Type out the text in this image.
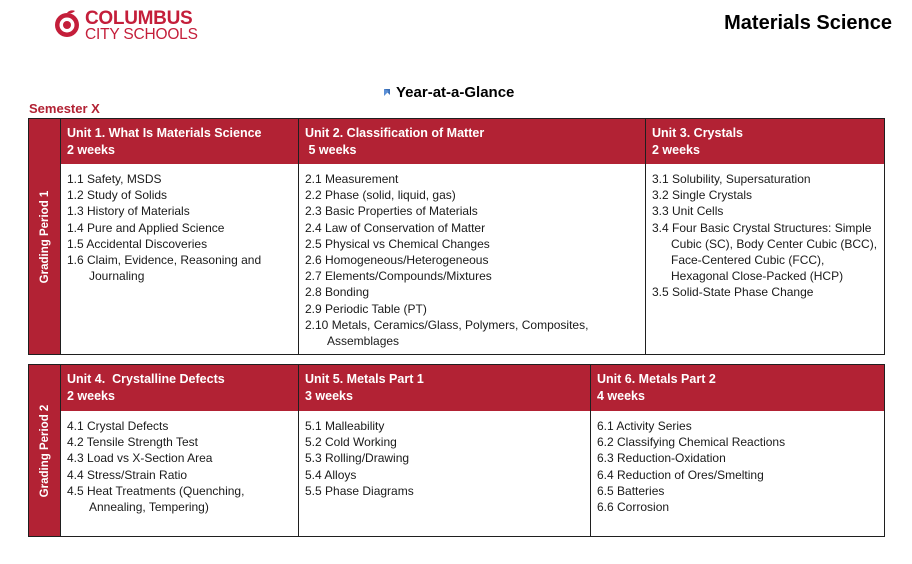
COLUMBUS
CITY SCHOOLS
Materials Science
Year-at-a-Glance
Semester X
Grading Period 1
Unit 1. What Is Materials Science
2 weeks
1.1 Safety, MSDS
1.2 Study of Solids
1.3 History of Materials
1.4 Pure and Applied Science
1.5 Accidental Discoveries
1.6 Claim, Evidence, Reasoning and Journaling
Unit 2. Classification of Matter
5 weeks
2.1 Measurement
2.2 Phase (solid, liquid, gas)
2.3 Basic Properties of Materials
2.4 Law of Conservation of Matter
2.5 Physical vs Chemical Changes
2.6 Homogeneous/Heterogeneous
2.7 Elements/Compounds/Mixtures
2.8 Bonding
2.9 Periodic Table (PT)
2.10 Metals, Ceramics/Glass, Polymers, Composites, Assemblages
Unit 3. Crystals
2 weeks
3.1 Solubility, Supersaturation
3.2 Single Crystals
3.3 Unit Cells
3.4 Four Basic Crystal Structures: Simple Cubic (SC), Body Center Cubic (BCC), Face-Centered Cubic (FCC), Hexagonal Close-Packed (HCP)
3.5 Solid-State Phase Change
Grading Period 2
Unit 4.  Crystalline Defects
2 weeks
4.1 Crystal Defects
4.2 Tensile Strength Test
4.3 Load vs X-Section Area
4.4 Stress/Strain Ratio
4.5 Heat Treatments (Quenching, Annealing, Tempering)
Unit 5. Metals Part 1
3 weeks
5.1 Malleability
5.2 Cold Working
5.3 Rolling/Drawing
5.4 Alloys
5.5 Phase Diagrams
Unit 6. Metals Part 2
4 weeks
6.1 Activity Series
6.2 Classifying Chemical Reactions
6.3 Reduction-Oxidation
6.4 Reduction of Ores/Smelting
6.5 Batteries
6.6 Corrosion
